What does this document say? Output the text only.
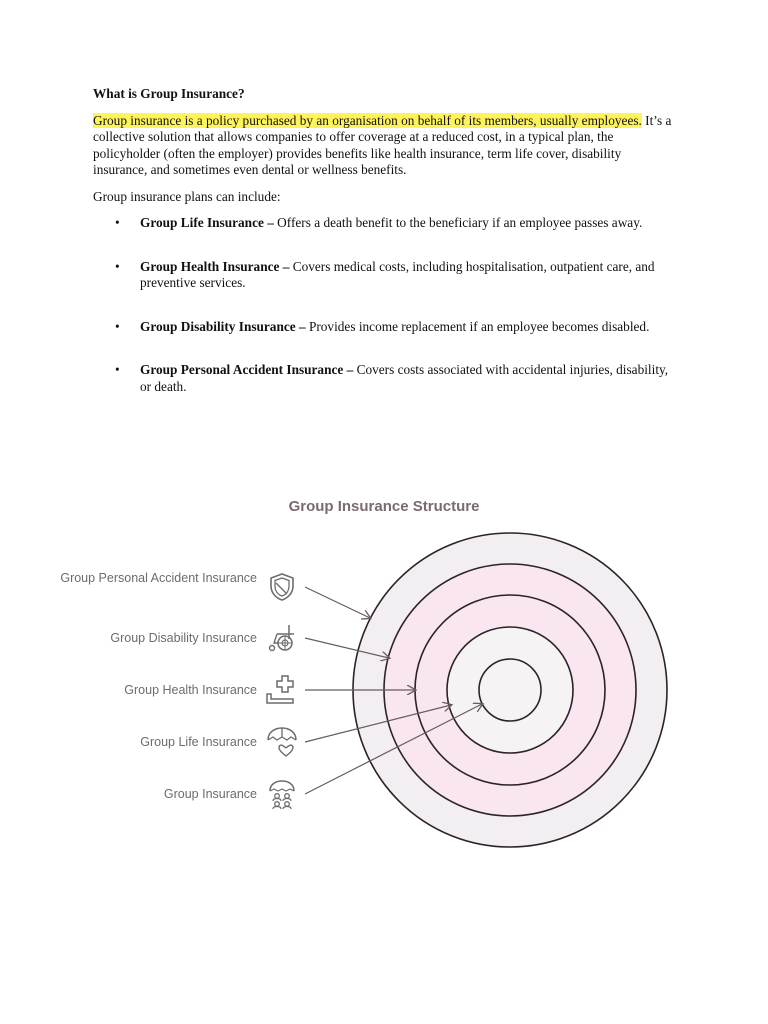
What is Group Insurance?

Group insurance is a policy purchased by an organisation on behalf of its members, usually employees. It’s a collective solution that allows companies to offer coverage at a reduced cost, in a typical plan, the policyholder (often the employer) provides benefits like health insurance, term life cover, disability insurance, and sometimes even dental or wellness benefits.

Group insurance plans can include:

• Group Life Insurance – Offers a death benefit to the beneficiary if an employee passes away.
• Group Health Insurance – Covers medical costs, including hospitalisation, outpatient care, and preventive services.
• Group Disability Insurance – Provides income replacement if an employee becomes disabled.
• Group Personal Accident Insurance – Covers costs associated with accidental injuries, disability, or death.
Group Insurance Structure
Group Personal Accident Insurance
Group Disability Insurance
Group Health Insurance
Group Life Insurance
Group Insurance
